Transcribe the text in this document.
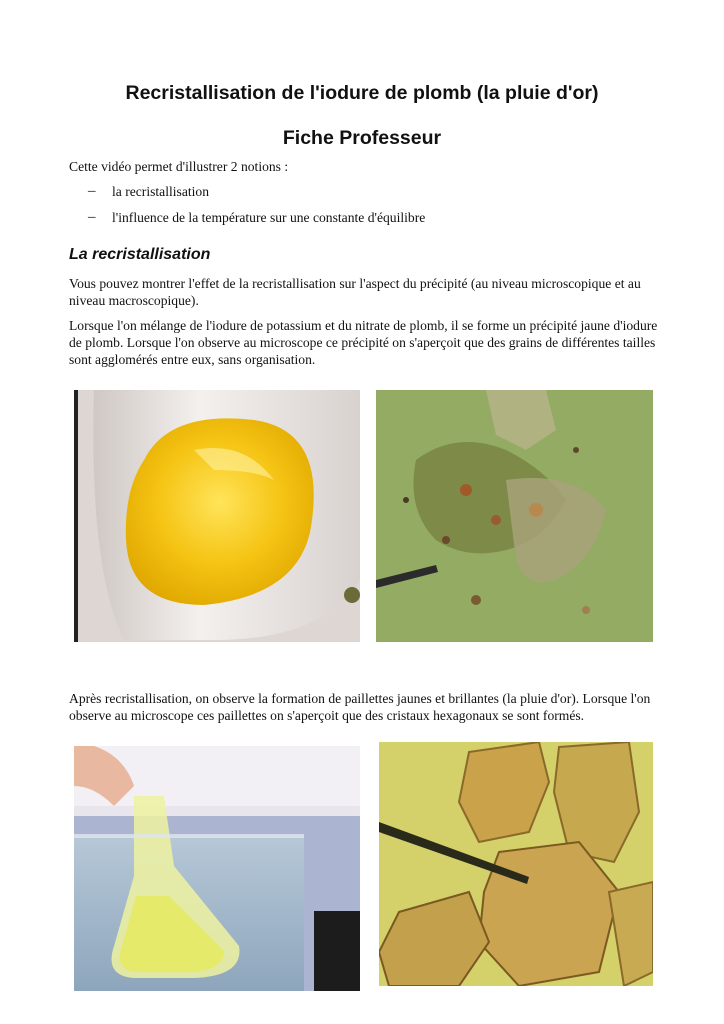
Recristallisation de l'iodure de plomb (la pluie d'or)
Fiche Professeur

Cette vidéo permet d'illustrer 2 notions :

– la recristallisation
– l'influence de la température sur une constante d'équilibre
La recristallisation

Vous pouvez montrer l'effet de la recristallisation sur l'aspect du précipité (au niveau microscopique et au niveau macroscopique).

Lorsque l'on mélange de l'iodure de potassium et du nitrate de plomb, il se forme un précipité jaune d'iodure de plomb. Lorsque l'on observe au microscope ce précipité on s'aperçoit que des grains de différentes tailles sont agglomérés entre eux, sans organisation.

Après recristallisation, on observe la formation de paillettes jaunes et brillantes (la pluie d'or). Lorsque l'on observe au microscope ces paillettes on s'aperçoit que des cristaux hexagonaux se sont formés.
